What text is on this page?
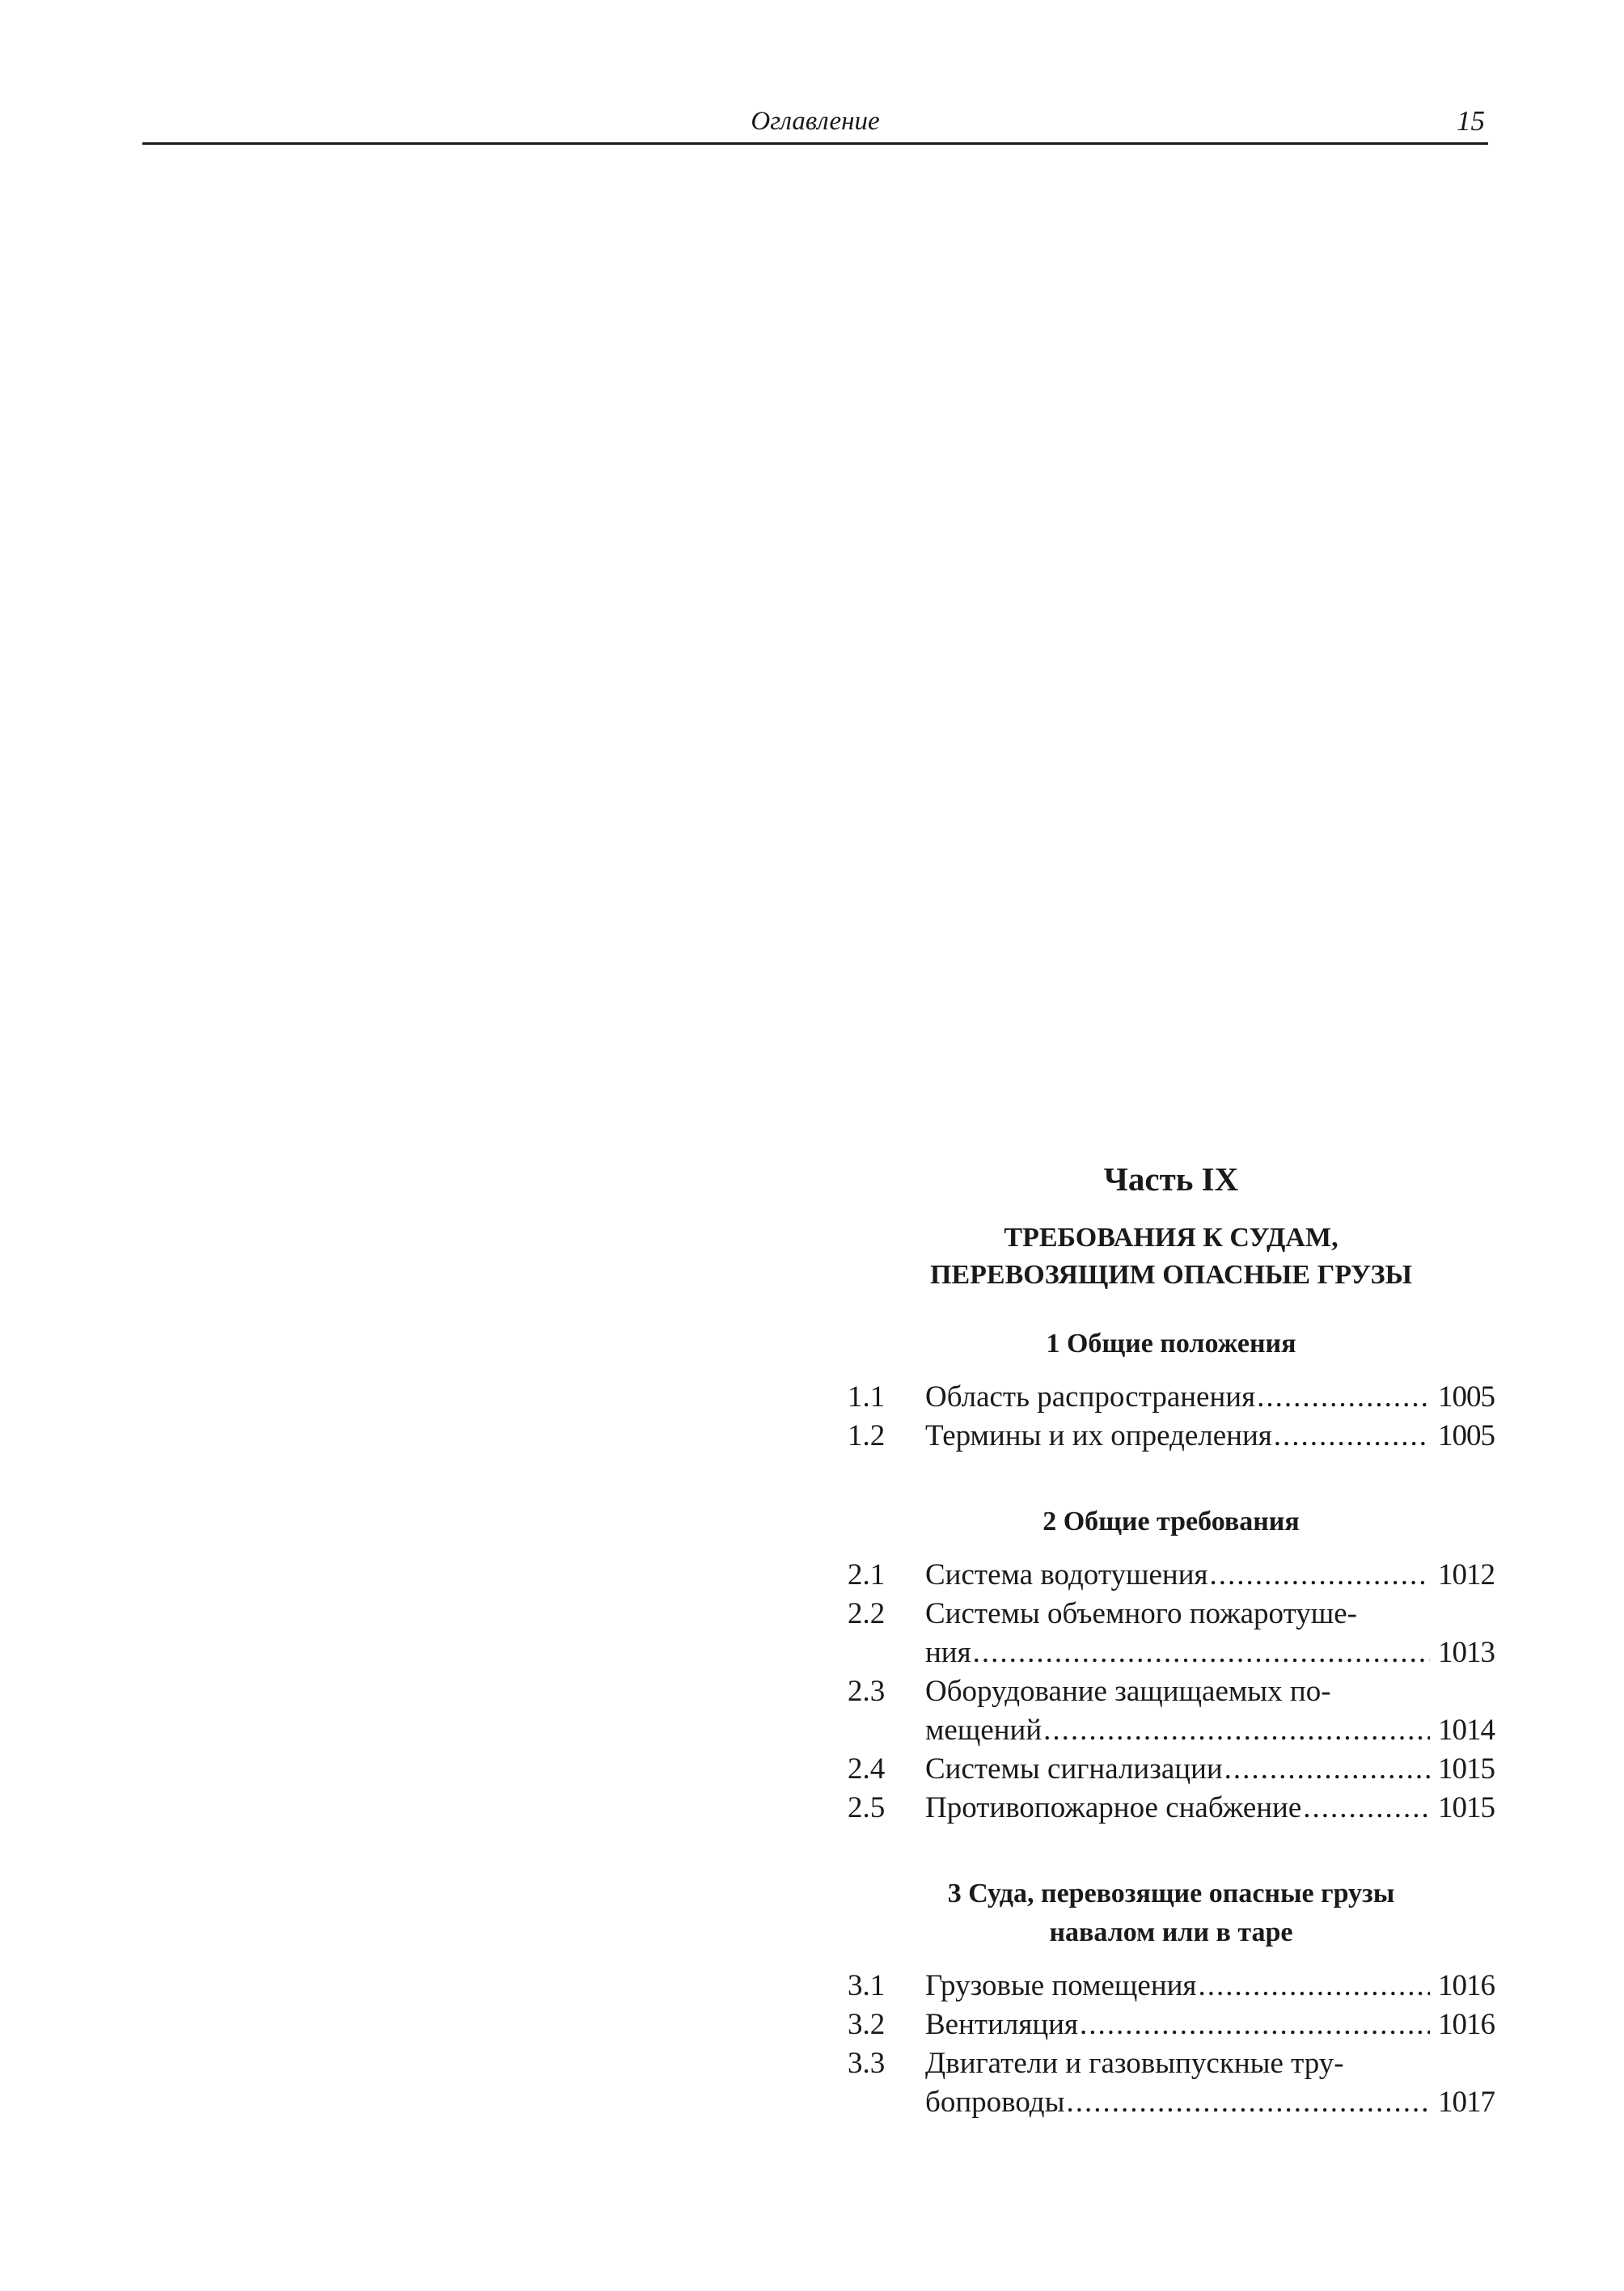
Оглавление	15
Часть IX
ТРЕБОВАНИЯ К СУДАМ,
ПЕРЕВОЗЯЩИМ ОПАСНЫЕ ГРУЗЫ
1 Общие положения
1.1	Область распространения .....	1005
1.2	Термины и их определения .....	1005
2 Общие требования
2.1	Система водотушения .....	1012
2.2	Системы объемного пожаротуше-
ния .....	1013
2.3	Оборудование защищаемых по-
мещений .....	1014
2.4	Системы сигнализации .....	1015
2.5	Противопожарное снабжение .....	1015
3 Суда, перевозящие опасные грузы
навалом или в таре
3.1	Грузовые помещения .....	1016
3.2	Вентиляция .....	1016
3.3	Двигатели и газовыпускные тру-
бопроводы .....	1017
